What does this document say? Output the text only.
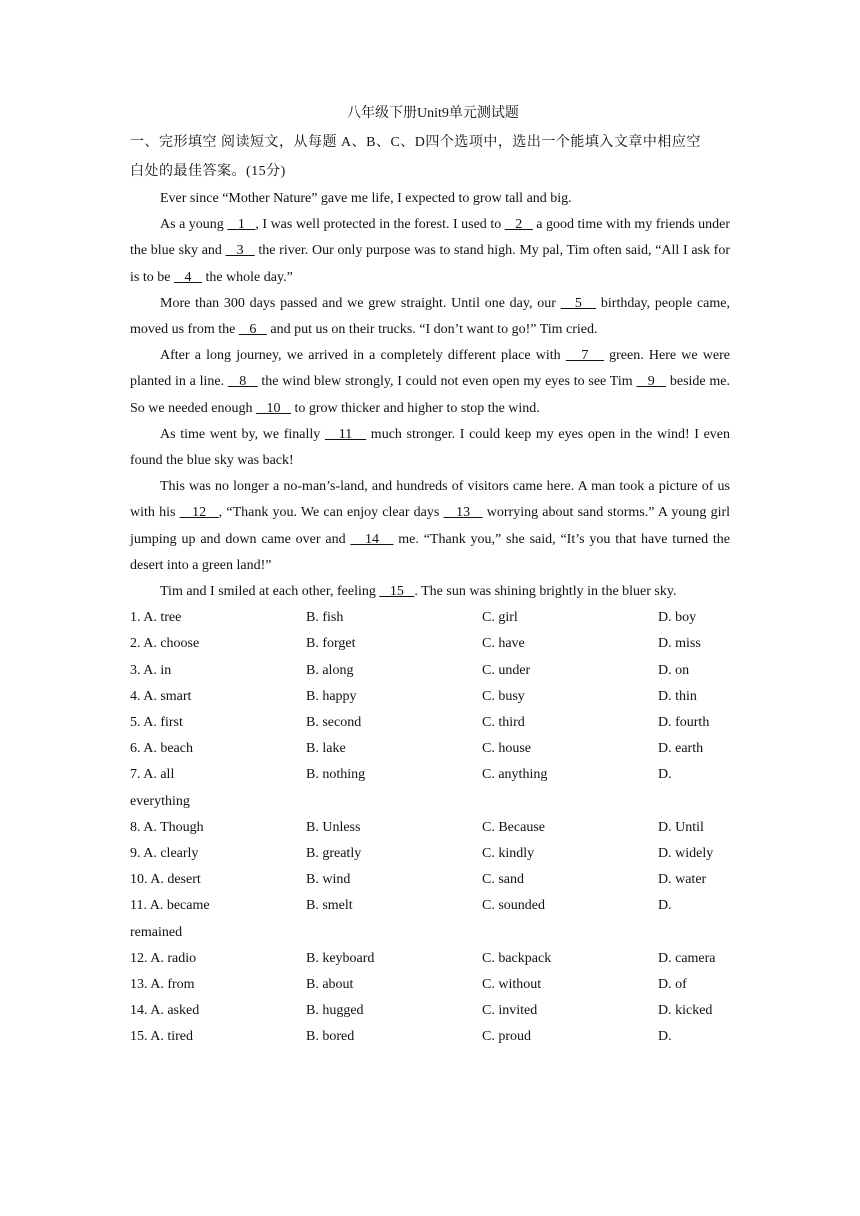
八年级下册Unit9单元测试题

一、完形填空 阅读短文，从每题 A、B、C、D四个选项中，选出一个能填入文章中相应空
白处的最佳答案。(15分)

Ever since “Mother Nature” gave me life, I expected to grow tall and big.

As a young    1   , I was well protected in the forest. I used to    2    a good time with my friends under the blue sky and    3    the river. Our only purpose was to stand high. My pal, Tim often said, “All I ask for is to be    4    the whole day.”

More than 300 days passed and we grew straight. Until one day, our    5    birthday, people came, moved us from the    6    and put us on their trucks. “I don’t want to go!” Tim cried.

After a long journey, we arrived in a completely different place with    7    green. Here we were planted in a line.    8    the wind blew strongly, I could not even open my eyes to see Tim    9    beside me. So we needed enough    10    to grow thicker and higher to stop the wind.

As time went by, we finally    11    much stronger. I could keep my eyes open in the wind! I even found the blue sky was back!

This was no longer a no-man’s-land, and hundreds of visitors came here. A man took a picture of us with his    12   , “Thank you. We can enjoy clear days    13    worrying about sand storms.” A young girl jumping up and down came over and    14    me. “Thank you,” she said, “It’s you that have turned the desert into a green land!”

Tim and I smiled at each other, feeling    15   . The sun was shining brightly in the bluer sky.

1. A. tree	B. fish	C. girl	D. boy
2. A. choose	B. forget	C. have	D. miss
3. A. in	B. along	C. under	D. on
4. A. smart	B. happy	C. busy	D. thin
5. A. first	B. second	C. third	D. fourth
6. A. beach	B. lake	C. house	D. earth
7. A. all	B. nothing	C. anything	D.
everything
8. A. Though	B. Unless	C. Because	D. Until
9. A. clearly	B. greatly	C. kindly	D. widely
10. A. desert	B. wind	C. sand	D. water
11. A. became	B. smelt	C. sounded	D.
remained
12. A. radio	B. keyboard	C. backpack	D. camera
13. A. from	B. about	C. without	D. of
14. A. asked	B. hugged	C. invited	D. kicked
15. A. tired	B. bored	C. proud	D.
